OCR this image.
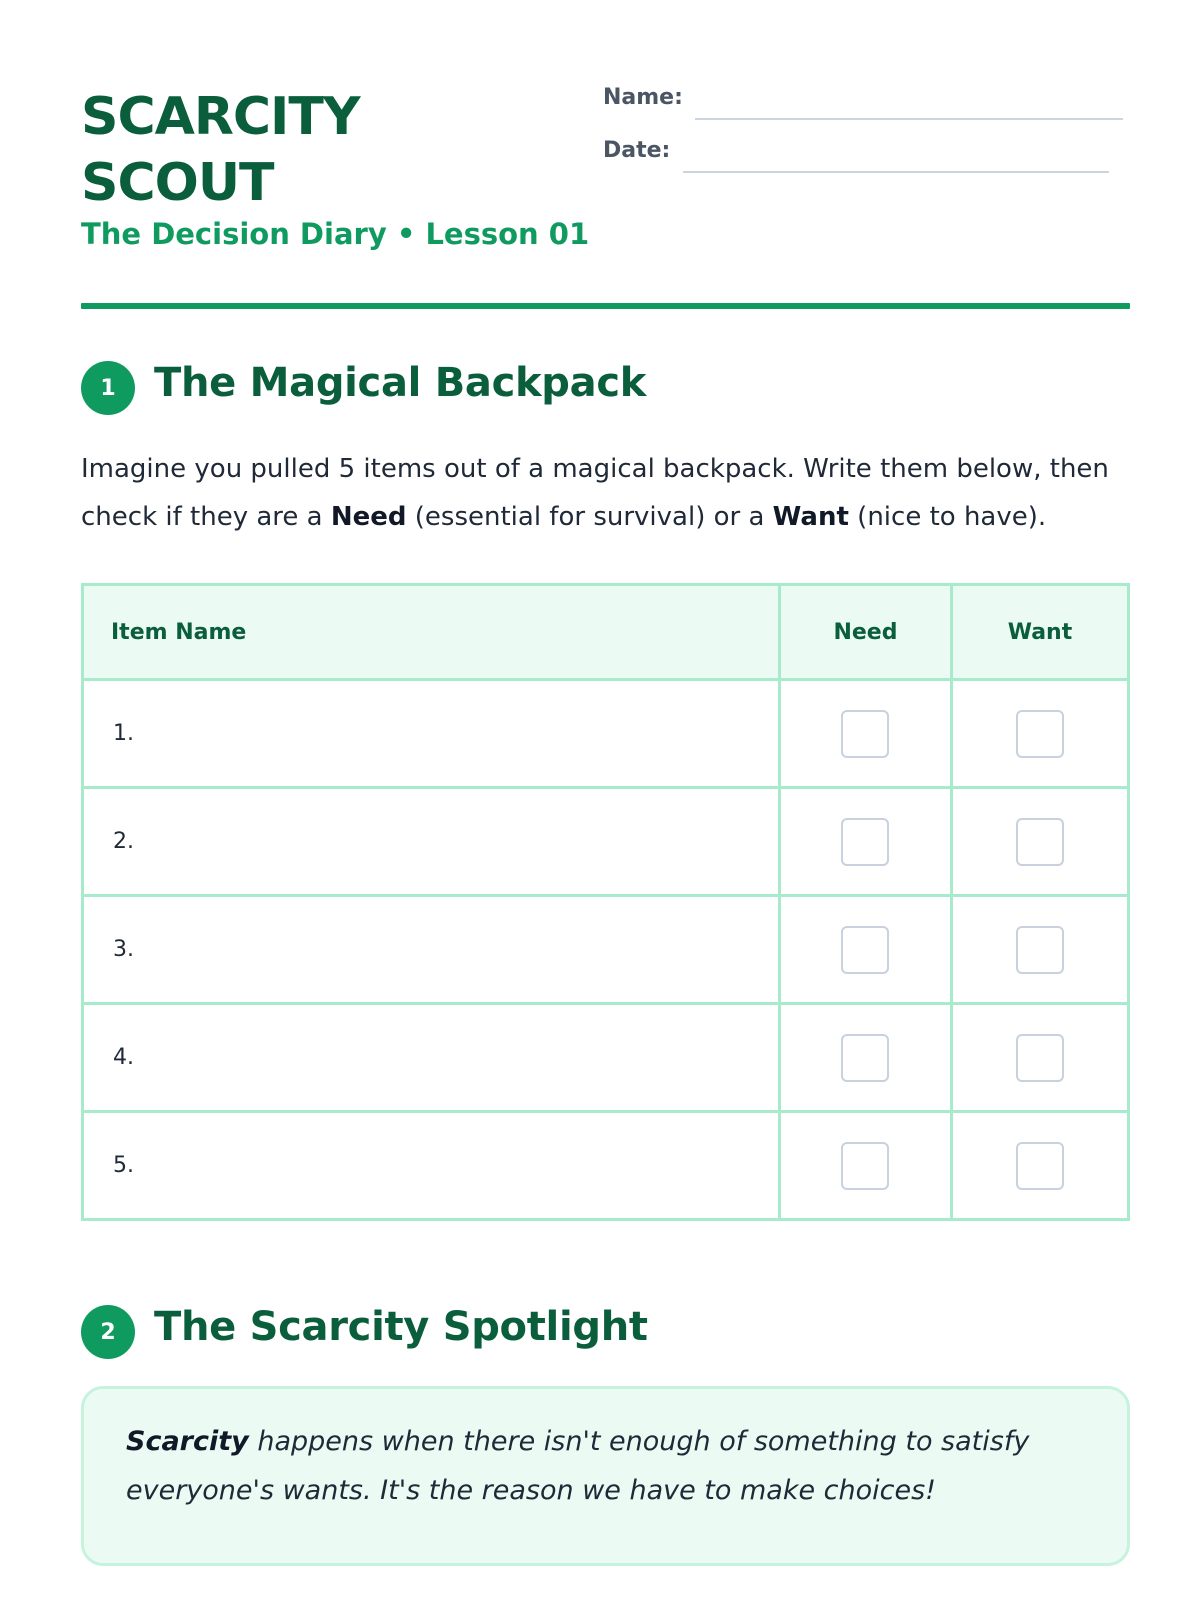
SCARCITY
SCOUT

The Decision Diary • Lesson 01

Name:
Date:
1 The Magical Backpack

Imagine you pulled 5 items out of a magical backpack. Write them below, then check if they are a Need (essential for survival) or a Want (nice to have).

Item Name	Need	Want
1.		
2.		
3.		
4.		
5.		
2 The Scarcity Spotlight

Scarcity happens when there isn't enough of something to satisfy everyone's wants. It's the reason we have to make choices!
